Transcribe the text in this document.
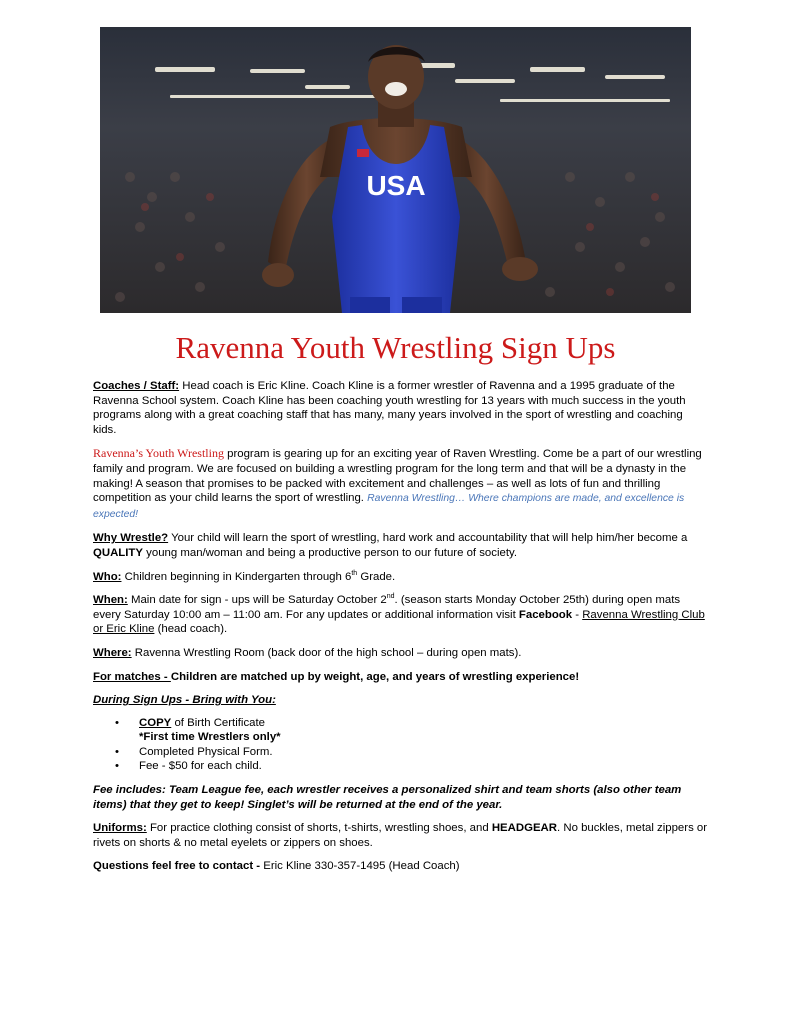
USA
Ravenna Youth Wrestling Sign Ups

Coaches / Staff: Head coach is Eric Kline. Coach Kline is a former wrestler of Ravenna and a 1995 graduate of the Ravenna School system. Coach Kline has been coaching youth wrestling for 13 years with much success in the youth programs along with a great coaching staff that has many, many years involved in the sport of wrestling and coaching kids.

Ravenna’s Youth Wrestling program is gearing up for an exciting year of Raven Wrestling. Come be a part of our wrestling family and program. We are focused on building a wrestling program for the long term and that will be a dynasty in the making! A season that promises to be packed with excitement and challenges – as well as lots of fun and thrilling competition as your child learns the sport of wrestling. Ravenna Wrestling… Where champions are made, and excellence is expected!

Why Wrestle? Your child will learn the sport of wrestling, hard work and accountability that will help him/her become a QUALITY young man/woman and being a productive person to our future of society.

Who: Children beginning in Kindergarten through 6th Grade.

When: Main date for sign - ups will be Saturday October 2nd. (season starts Monday October 25th) during open mats every Saturday 10:00 am – 11:00 am. For any updates or additional information visit Facebook - Ravenna Wrestling Club or Eric Kline (head coach).

Where: Ravenna Wrestling Room (back door of the high school – during open mats).

For matches - Children are matched up by weight, age, and years of wrestling experience!

During Sign Ups - Bring with You:

• COPY of Birth Certificate
*First time Wrestlers only*
• Completed Physical Form.
• Fee - $50 for each child.

Fee includes: Team League fee, each wrestler receives a personalized shirt and team shorts (also other team items) that they get to keep! Singlet’s will be returned at the end of the year.

Uniforms: For practice clothing consist of shorts, t-shirts, wrestling shoes, and HEADGEAR. No buckles, metal zippers or rivets on shorts & no metal eyelets or zippers on shoes.

Questions feel free to contact - Eric Kline 330-357-1495 (Head Coach)
